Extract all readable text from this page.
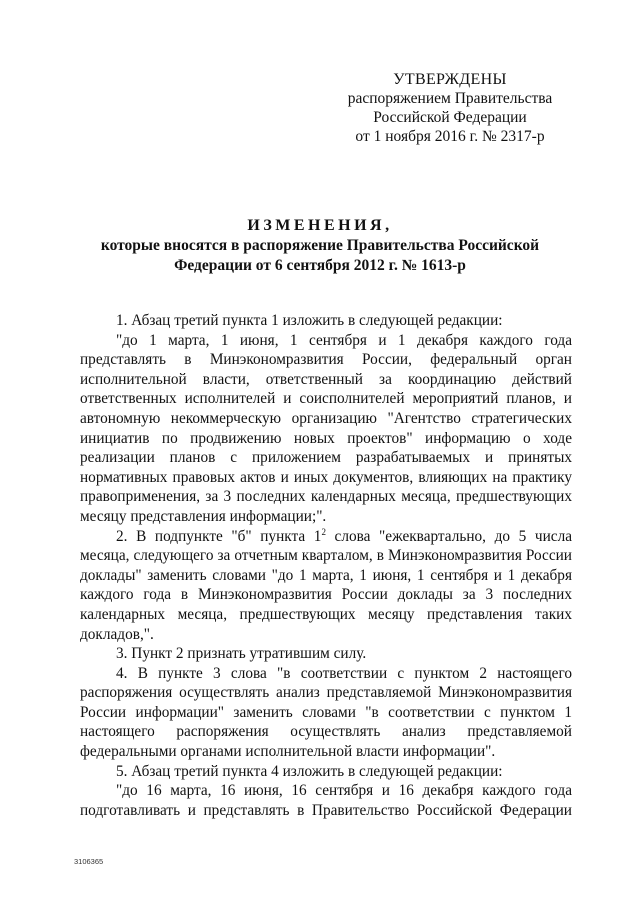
УТВЕРЖДЕНЫ
распоряжением Правительства
Российской Федерации
от 1 ноября 2016 г. № 2317-р
ИЗМЕНЕНИЯ,
которые вносятся в распоряжение Правительства Российской
Федерации от 6 сентября 2012 г. № 1613-р
1. Абзац третий пункта 1 изложить в следующей редакции:
"до 1 марта, 1 июня, 1 сентября и 1 декабря каждого года
представлять в Минэкономразвития России, федеральный орган
исполнительной власти, ответственный за координацию действий
ответственных исполнителей и соисполнителей мероприятий планов, и
автономную некоммерческую организацию "Агентство стратегических
инициатив по продвижению новых проектов" информацию о ходе
реализации планов с приложением разрабатываемых и принятых
нормативных правовых актов и иных документов, влияющих на практику
правоприменения, за 3 последних календарных месяца, предшествующих
месяцу представления информации;".
2. В подпункте "б" пункта $1^2$ слова "ежеквартально, до 5 числа
месяца, следующего за отчетным кварталом, в Минэкономразвития России
доклады" заменить словами "до 1 марта, 1 июня, 1 сентября и 1 декабря
каждого года в Минэкономразвития России доклады за 3 последних
календарных месяца, предшествующих месяцу представления таких
докладов,".
3. Пункт 2 признать утратившим силу.
4. В пункте 3 слова "в соответствии с пунктом 2 настоящего
распоряжения осуществлять анализ представляемой Минэкономразвития
России информации" заменить словами "в соответствии с пунктом 1
настоящего распоряжения осуществлять анализ представляемой
федеральными органами исполнительной власти информации".
5. Абзац третий пункта 4 изложить в следующей редакции:
"до 16 марта, 16 июня, 16 сентября и 16 декабря каждого года
подготавливать и представлять в Правительство Российской Федерации
3106365
